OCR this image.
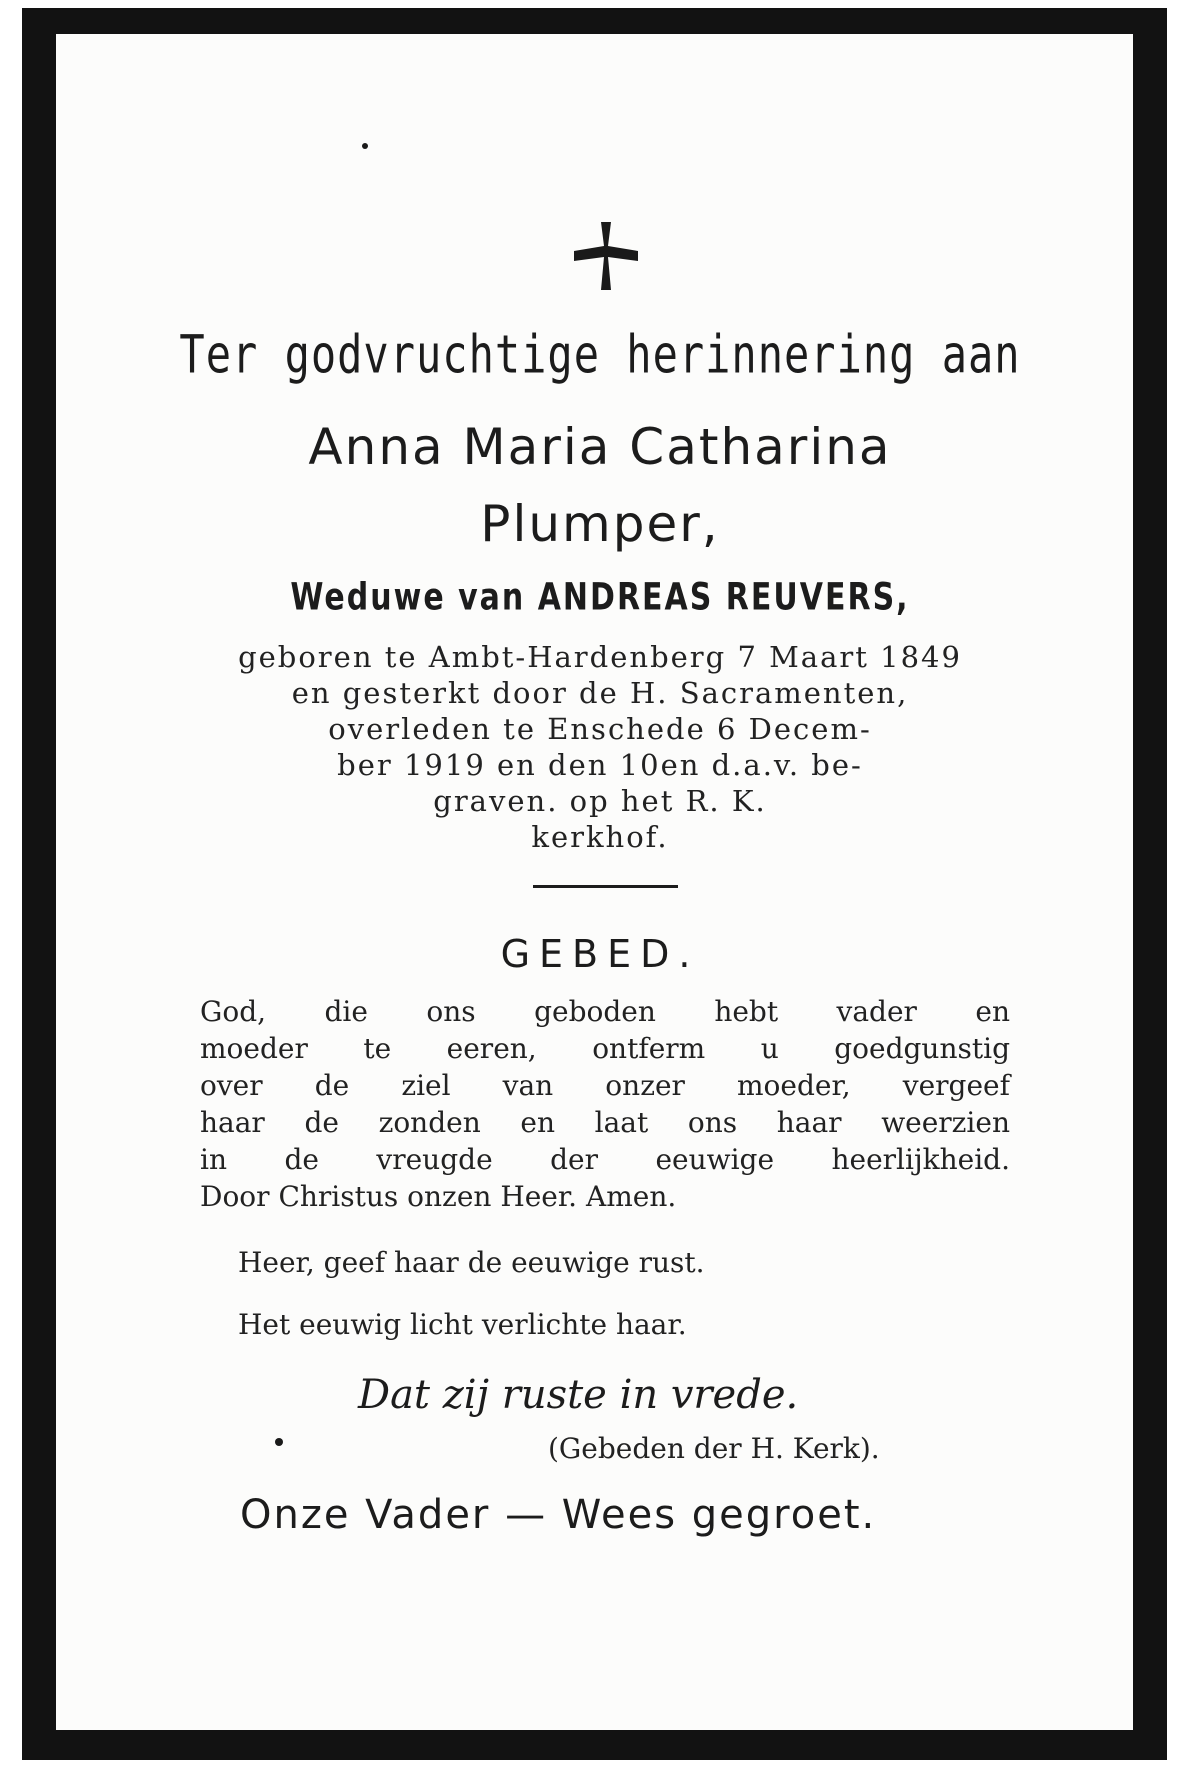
Ter godvruchtige herinnering aan
Anna Maria Catharina
Plumper,
Weduwe van ANDREAS REUVERS,
geboren te Ambt-Hardenberg 7 Maart 1849
en gesterkt door de H. Sacramenten,
overleden te Enschede 6 Decem-
ber 1919 en den 10en d.a.v. be-
graven. op het R. K.
kerkhof.
GEBED.
God, die ons geboden hebt vader en
moeder te eeren, ontferm u goedgunstig
over de ziel van onzer moeder, vergeef
haar de zonden en laat ons haar weerzien
in de vreugde der eeuwige heerlijkheid.
Door Christus onzen Heer. Amen.
Heer, geef haar de eeuwige rust.
Het eeuwig licht verlichte haar.
Dat zij ruste in vrede.
(Gebeden der H. Kerk).
Onze Vader — Wees gegroet.
